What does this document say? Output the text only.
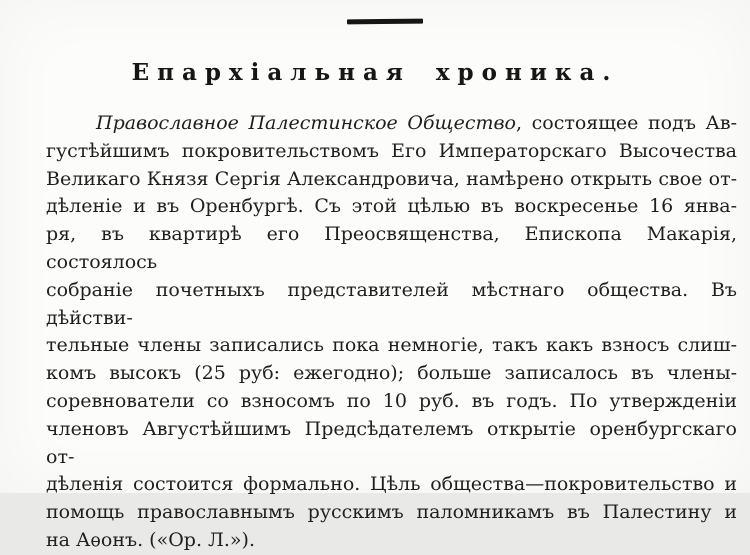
Епархіальная хроника.

Православное Палестинское Общество, состоящее подъ Ав-
густѣйшимъ покровительствомъ Его Императорскаго Высочества
Великаго Князя Сергія Александровича, намѣрено открыть свое от-
дѣленіе и въ Оренбургѣ. Съ этой цѣлью въ воскресенье 16 янва-
ря, въ квартирѣ его Преосвященства, Епископа Макарія, состоялось
собраніе почетныхъ представителей мѣстнаго общества. Въ дѣйстви-
тельные члены записались пока немногіе, такъ какъ взносъ слиш-
комъ высокъ (25 руб: ежегодно); больше записалось въ члены-
соревнователи со взносомъ по 10 руб. въ годъ. По утвержденіи
членовъ Августѣйшимъ Предсѣдателемъ открытіе оренбургскаго от-
дѣленія состоится формально. Цѣль общества—покровительство и
помощь православнымъ русскимъ паломникамъ въ Палестину и
на Аѳонъ. («Ор. Л.»).
